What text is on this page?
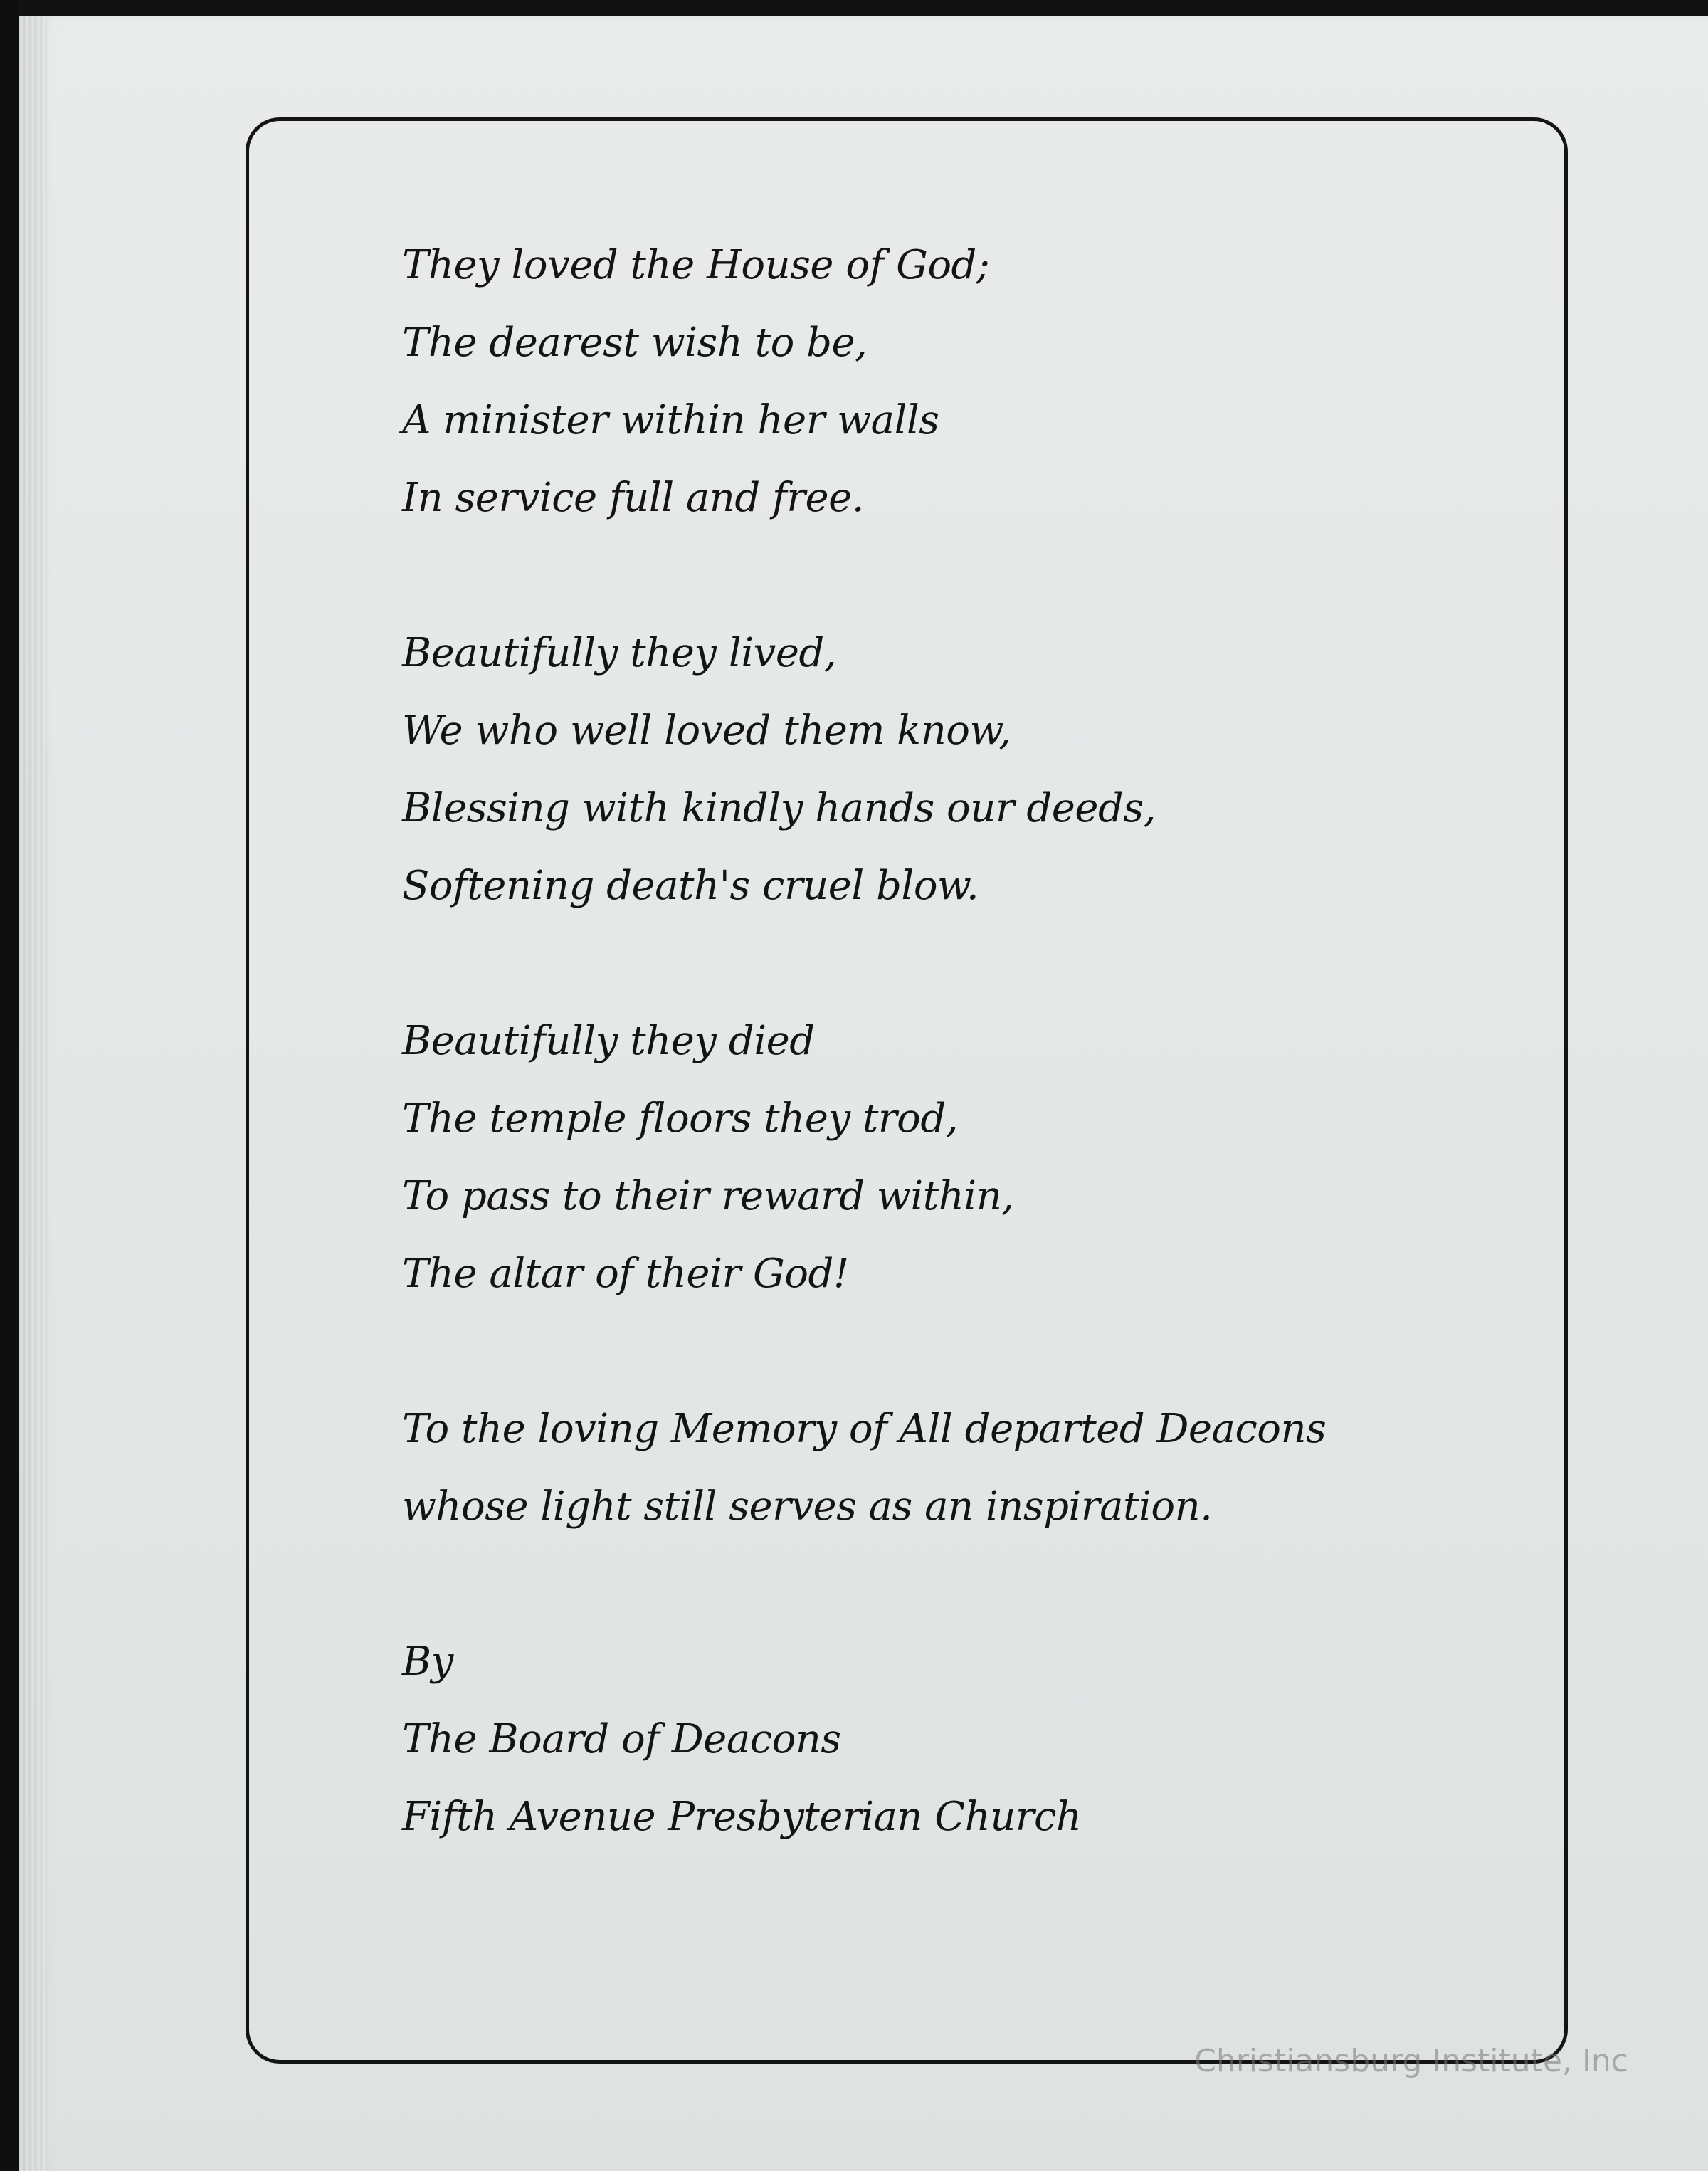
They loved the House of God;
The dearest wish to be,
A minister within her walls
In service full and free.
Beautifully they lived,
We who well loved them know,
Blessing with kindly hands our deeds,
Softening death's cruel blow.
Beautifully they died
The temple floors they trod,
To pass to their reward within,
The altar of their God!
To the loving Memory of All departed Deacons
whose light still serves as an inspiration.
By
The Board of Deacons
Fifth Avenue Presbyterian Church
Christiansburg Institute, Inc
